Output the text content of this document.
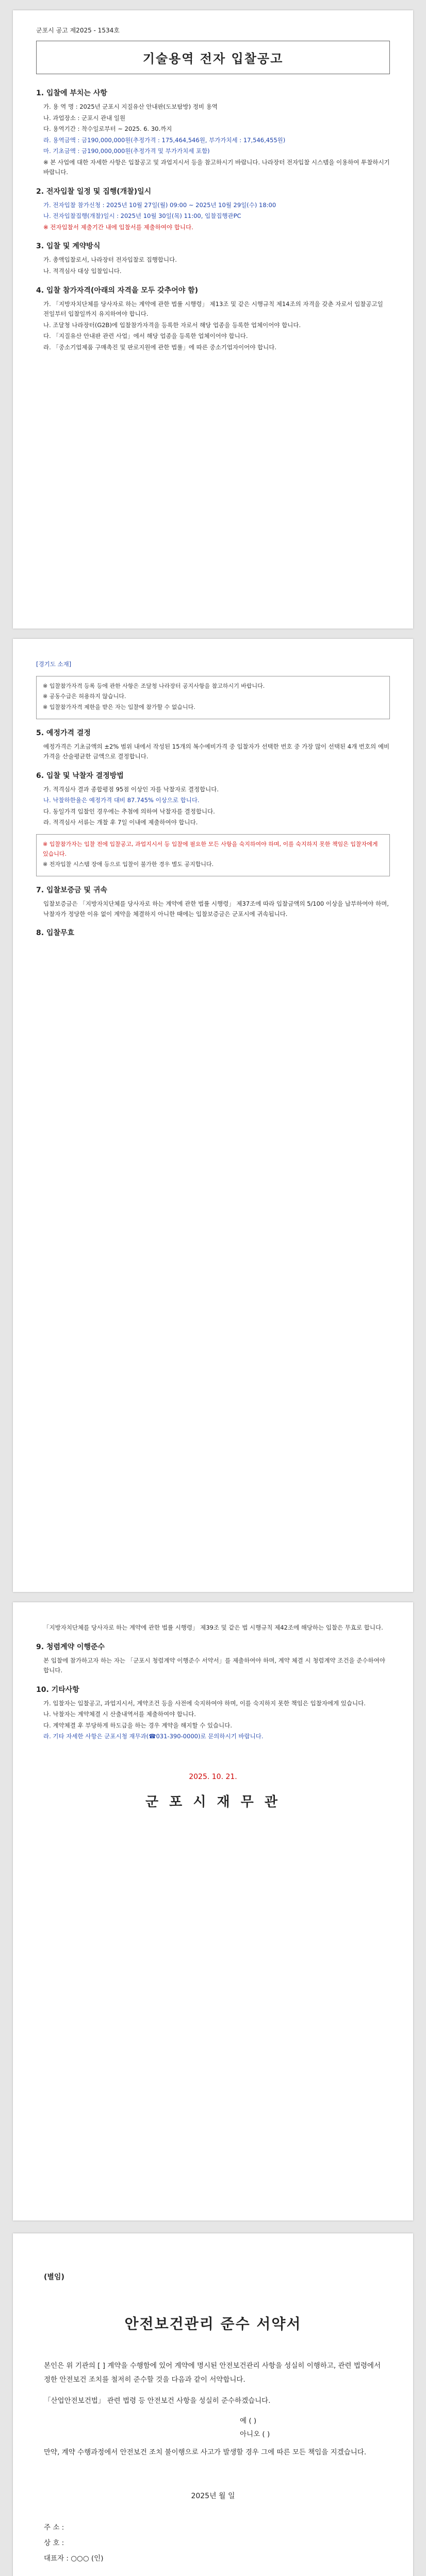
군포시 공고 제2025 - 1534호

기술용역 전자 입찰공고
1. 입찰에 부치는 사항

가. 용 역 명 : 2025년 군포시 지질유산 안내판(도보탐방) 정비 용역

나. 과업장소 : 군포시 관내 일원

다. 용역기간 : 착수일로부터 ~ 2025. 6. 30.까지

라. 용역금액 : 금190,000,000원(추정가격 : 175,464,546원, 부가가치세 : 17,546,455원)

마. 기초금액 : 금190,000,000원(추정가격 및 부가가치세 포함)

※ 본 사업에 대한 자세한 사항은 입찰공고 및 과업지시서 등을 참고하시기 바랍니다. 나라장터 전자입찰 시스템을 이용하여 투찰하시기 바랍니다.

2. 전자입찰 일정 및 집행(개찰)일시

가. 전자입찰 참가신청 : 2025년 10월 27일(월) 09:00 ~ 2025년 10월 29일(수) 18:00

나. 전자입찰집행(개찰)일시 : 2025년 10월 30일(목) 11:00, 입찰집행관PC

※ 전자입찰서 제출기간 내에 입찰서를 제출하여야 합니다.

3. 입찰 및 계약방식

가. 총액입찰로서, 나라장터 전자입찰로 집행합니다.

나. 적격심사 대상 입찰입니다.

4. 입찰 참가자격(아래의 자격을 모두 갖추어야 함)

가. 「지방자치단체를 당사자로 하는 계약에 관한 법률 시행령」 제13조 및 같은 시행규칙 제14조의 자격을 갖춘 자로서 입찰공고일 전일부터 입찰일까지 유지하여야 합니다.

나. 조달청 나라장터(G2B)에 입찰참가자격을 등록한 자로서 해당 업종을 등록한 업체이어야 합니다.

다. 「지질유산 안내판 관련 사업」에서 해당 업종을 등록한 업체이어야 합니다.

라. 「중소기업제품 구매촉진 및 판로지원에 관한 법률」에 따른 중소기업자이어야 합니다.

[경기도 소재]

※ 입찰참가자격 등록 등에 관한 사항은 조달청 나라장터 공지사항을 참고하시기 바랍니다.

※ 공동수급은 허용하지 않습니다.

※ 입찰참가자격 제한을 받은 자는 입찰에 참가할 수 없습니다.

5. 예정가격 결정

예정가격은 기초금액의 ±2% 범위 내에서 작성된 15개의 복수예비가격 중 입찰자가 선택한 번호 중 가장 많이 선택된 4개 번호의 예비가격을 산술평균한 금액으로 결정합니다.

6. 입찰 및 낙찰자 결정방법

가. 적격심사 결과 종합평점 95점 이상인 자를 낙찰자로 결정합니다.

나. 낙찰하한율은 예정가격 대비 87.745% 이상으로 합니다.

다. 동일가격 입찰인 경우에는 추첨에 의하여 낙찰자를 결정합니다.

라. 적격심사 서류는 개찰 후 7일 이내에 제출하여야 합니다.

※ 입찰참가자는 입찰 전에 입찰공고, 과업지시서 등 입찰에 필요한 모든 사항을 숙지하여야 하며, 이를 숙지하지 못한 책임은 입찰자에게 있습니다.

※ 전자입찰 시스템 장애 등으로 입찰이 불가한 경우 별도 공지합니다.

7. 입찰보증금 및 귀속

입찰보증금은 「지방자치단체를 당사자로 하는 계약에 관한 법률 시행령」 제37조에 따라 입찰금액의 5/100 이상을 납부하여야 하며, 낙찰자가 정당한 이유 없이 계약을 체결하지 아니한 때에는 입찰보증금은 군포시에 귀속됩니다.

8. 입찰무효

「지방자치단체를 당사자로 하는 계약에 관한 법률 시행령」 제39조 및 같은 법 시행규칙 제42조에 해당하는 입찰은 무효로 합니다.

9. 청렴계약 이행준수

본 입찰에 참가하고자 하는 자는 「군포시 청렴계약 이행준수 서약서」를 제출하여야 하며, 계약 체결 시 청렴계약 조건을 준수하여야 합니다.

10. 기타사항

가. 입찰자는 입찰공고, 과업지시서, 계약조건 등을 사전에 숙지하여야 하며, 이를 숙지하지 못한 책임은 입찰자에게 있습니다.

나. 낙찰자는 계약체결 시 산출내역서를 제출하여야 합니다.

다. 계약체결 후 부당하게 하도급을 하는 경우 계약을 해지할 수 있습니다.

라. 기타 자세한 사항은 군포시청 재무과(☎031-390-0000)로 문의하시기 바랍니다.

2025. 10. 21.

군 포 시 재 무 관

(별임)

안전보건관리 준수 서약서

본인은 위 기관의 [ ] 계약을 수행함에 있어 계약에 명시된 안전보건관리 사항을 성실히 이행하고, 관련 법령에서 정한 안전보건 조치를 철저히 준수할 것을 다음과 같이 서약합니다.

「산업안전보건법」 관련 법령 등 안전보건 사항을 성실히 준수하겠습니다.

예 ( )

아니오 ( )

만약, 계약 수행과정에서 안전보건 조치 불이행으로 사고가 발생할 경우 그에 따른 모든 책임을 지겠습니다.

2025년 월 일

주 소 :

상 호 :

대표자 : ○○○ (인)
